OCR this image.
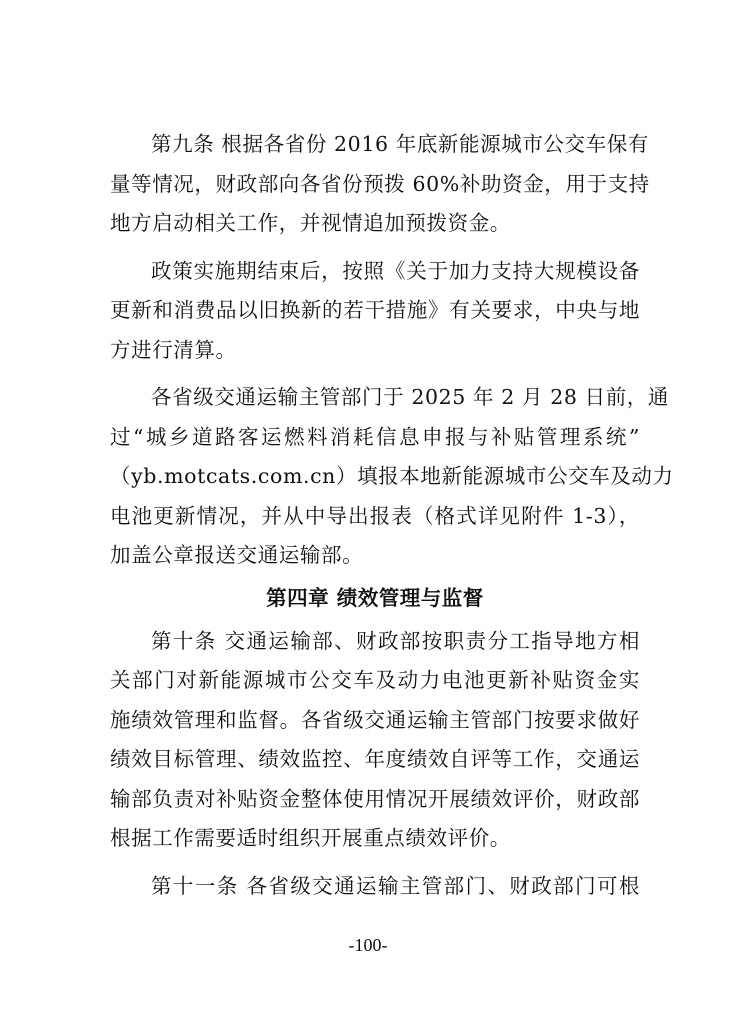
第九条 根据各省份 2016 年底新能源城市公交车保有
量等情况，财政部向各省份预拨 60%补助资金，用于支持
地方启动相关工作，并视情追加预拨资金。
政策实施期结束后，按照《关于加力支持大规模设备
更新和消费品以旧换新的若干措施》有关要求，中央与地
方进行清算。
各省级交通运输主管部门于 2025 年 2 月 28 日前，通
过“城乡道路客运燃料消耗信息申报与补贴管理系统”
（yb.motcats.com.cn）填报本地新能源城市公交车及动力
电池更新情况，并从中导出报表（格式详见附件 1-3），
加盖公章报送交通运输部。
第四章 绩效管理与监督
第十条 交通运输部、财政部按职责分工指导地方相
关部门对新能源城市公交车及动力电池更新补贴资金实
施绩效管理和监督。各省级交通运输主管部门按要求做好
绩效目标管理、绩效监控、年度绩效自评等工作，交通运
输部负责对补贴资金整体使用情况开展绩效评价，财政部
根据工作需要适时组织开展重点绩效评价。
第十一条 各省级交通运输主管部门、财政部门可根
-100-
